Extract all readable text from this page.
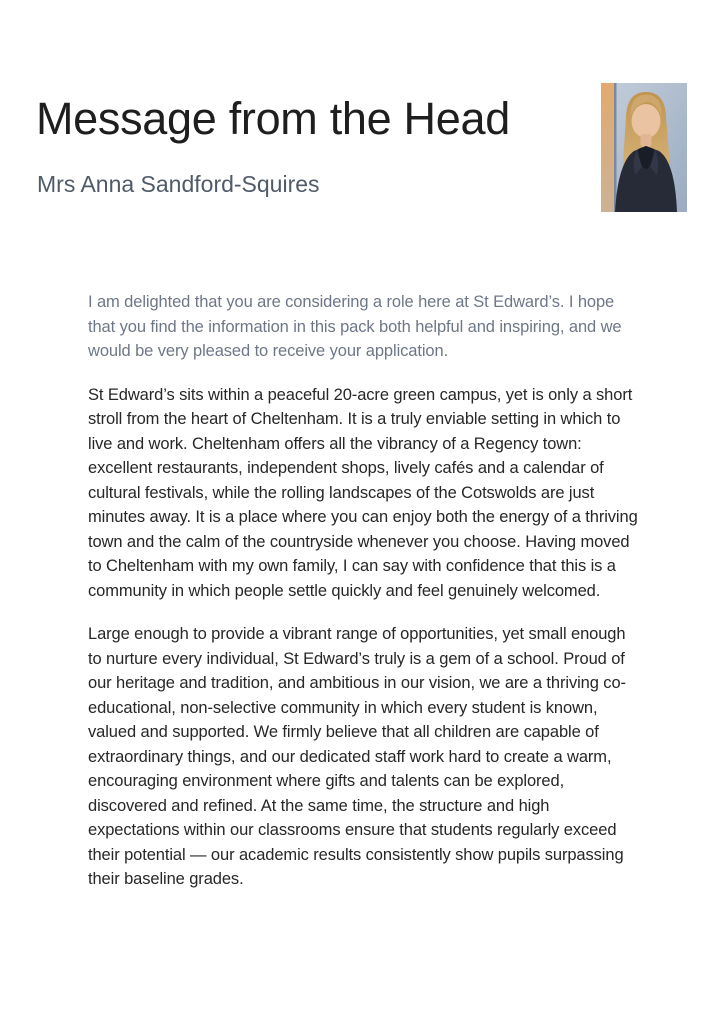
Message from the Head
Mrs Anna Sandford-Squires

I am delighted that you are considering a role here at St Edward’s. I hope that you find the information in this pack both helpful and inspiring, and we would be very pleased to receive your application.

St Edward’s sits within a peaceful 20-acre green campus, yet is only a short stroll from the heart of Cheltenham. It is a truly enviable setting in which to live and work. Cheltenham offers all the vibrancy of a Regency town: excellent restaurants, independent shops, lively cafés and a calendar of cultural festivals, while the rolling landscapes of the Cotswolds are just minutes away. It is a place where you can enjoy both the energy of a thriving town and the calm of the countryside whenever you choose. Having moved to Cheltenham with my own family, I can say with confidence that this is a community in which people settle quickly and feel genuinely welcomed.

Large enough to provide a vibrant range of opportunities, yet small enough to nurture every individual, St Edward’s truly is a gem of a school. Proud of our heritage and tradition, and ambitious in our vision, we are a thriving co-educational, non-selective community in which every student is known, valued and supported. We firmly believe that all children are capable of extraordinary things, and our dedicated staff work hard to create a warm, encouraging environment where gifts and talents can be explored, discovered and refined. At the same time, the structure and high expectations within our classrooms ensure that students regularly exceed their potential — our academic results consistently show pupils surpassing their baseline grades.
